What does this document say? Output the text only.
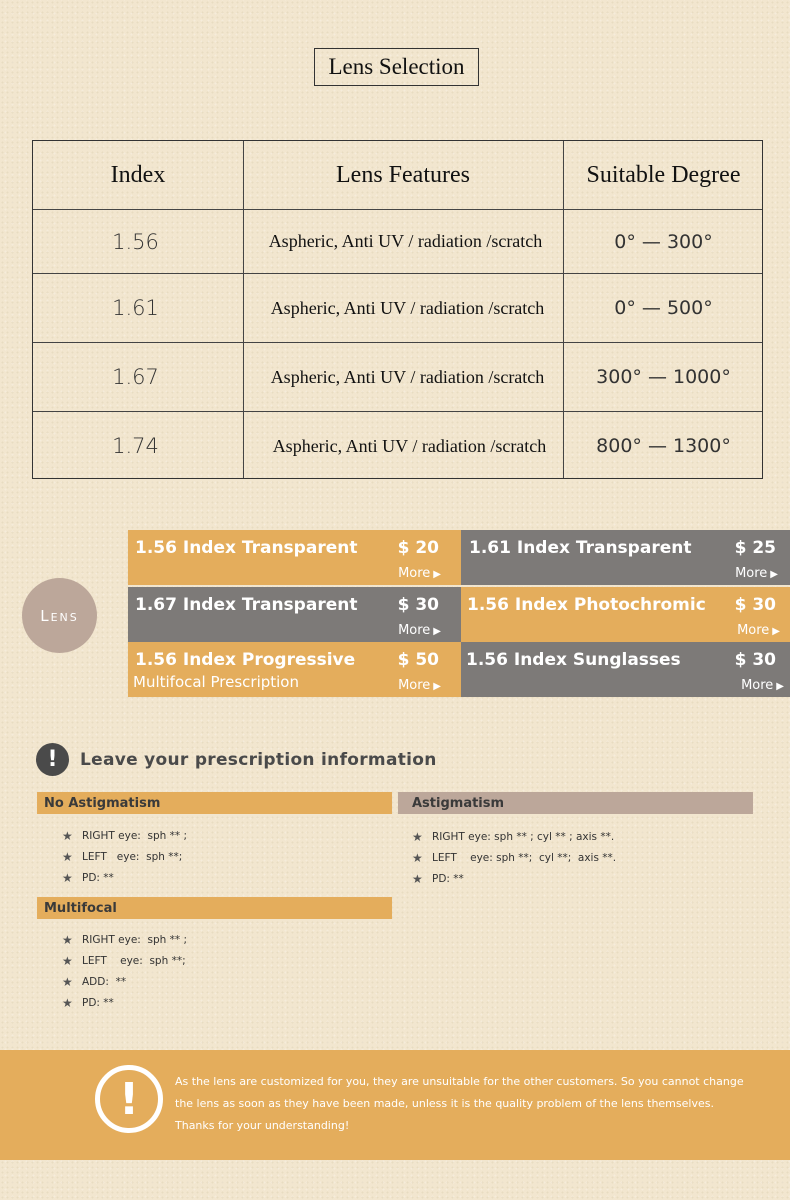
Lens Selection
Index	Lens Features	Suitable Degree
1.56	Aspheric, Anti UV / radiation /scratch	0° — 300°
1.61	Aspheric, Anti UV / radiation /scratch	0° — 500°
1.67	Aspheric, Anti UV / radiation /scratch	300° — 1000°
1.74	Aspheric, Anti UV / radiation /scratch	800° — 1300°
Lens
1.56 Index Transparent $ 20
More ▶
1.61 Index Transparent	$ 25
More ▶
1.67 Index Transparent $ 30
More ▶
1.56 Index Photochromic $ 30
More ▶
1.56 Index Progressive
Multifocal Prescription
$ 50
More ▶
1.56 Index Sunglasses	$ 30
More ▶
!	Leave your prescription information
No Astigmatism
★ RIGHT eye:  sph ** ;
★ LEFT   eye:  sph **;
★ PD: **
Astigmatism
★ RIGHT eye: sph ** ; cyl ** ; axis **.
★ LEFT    eye: sph **;  cyl **;  axis **.
★ PD: **
Multifocal
★ RIGHT eye:  sph ** ;
★ LEFT    eye:  sph **;
★ ADD:  **
★ PD: **
!	As the lens are customized for you, they are unsuitable for the other customers. So you cannot change

the lens as soon as they have been made, unless it is the quality problem of the lens themselves.

Thanks for your understanding!
